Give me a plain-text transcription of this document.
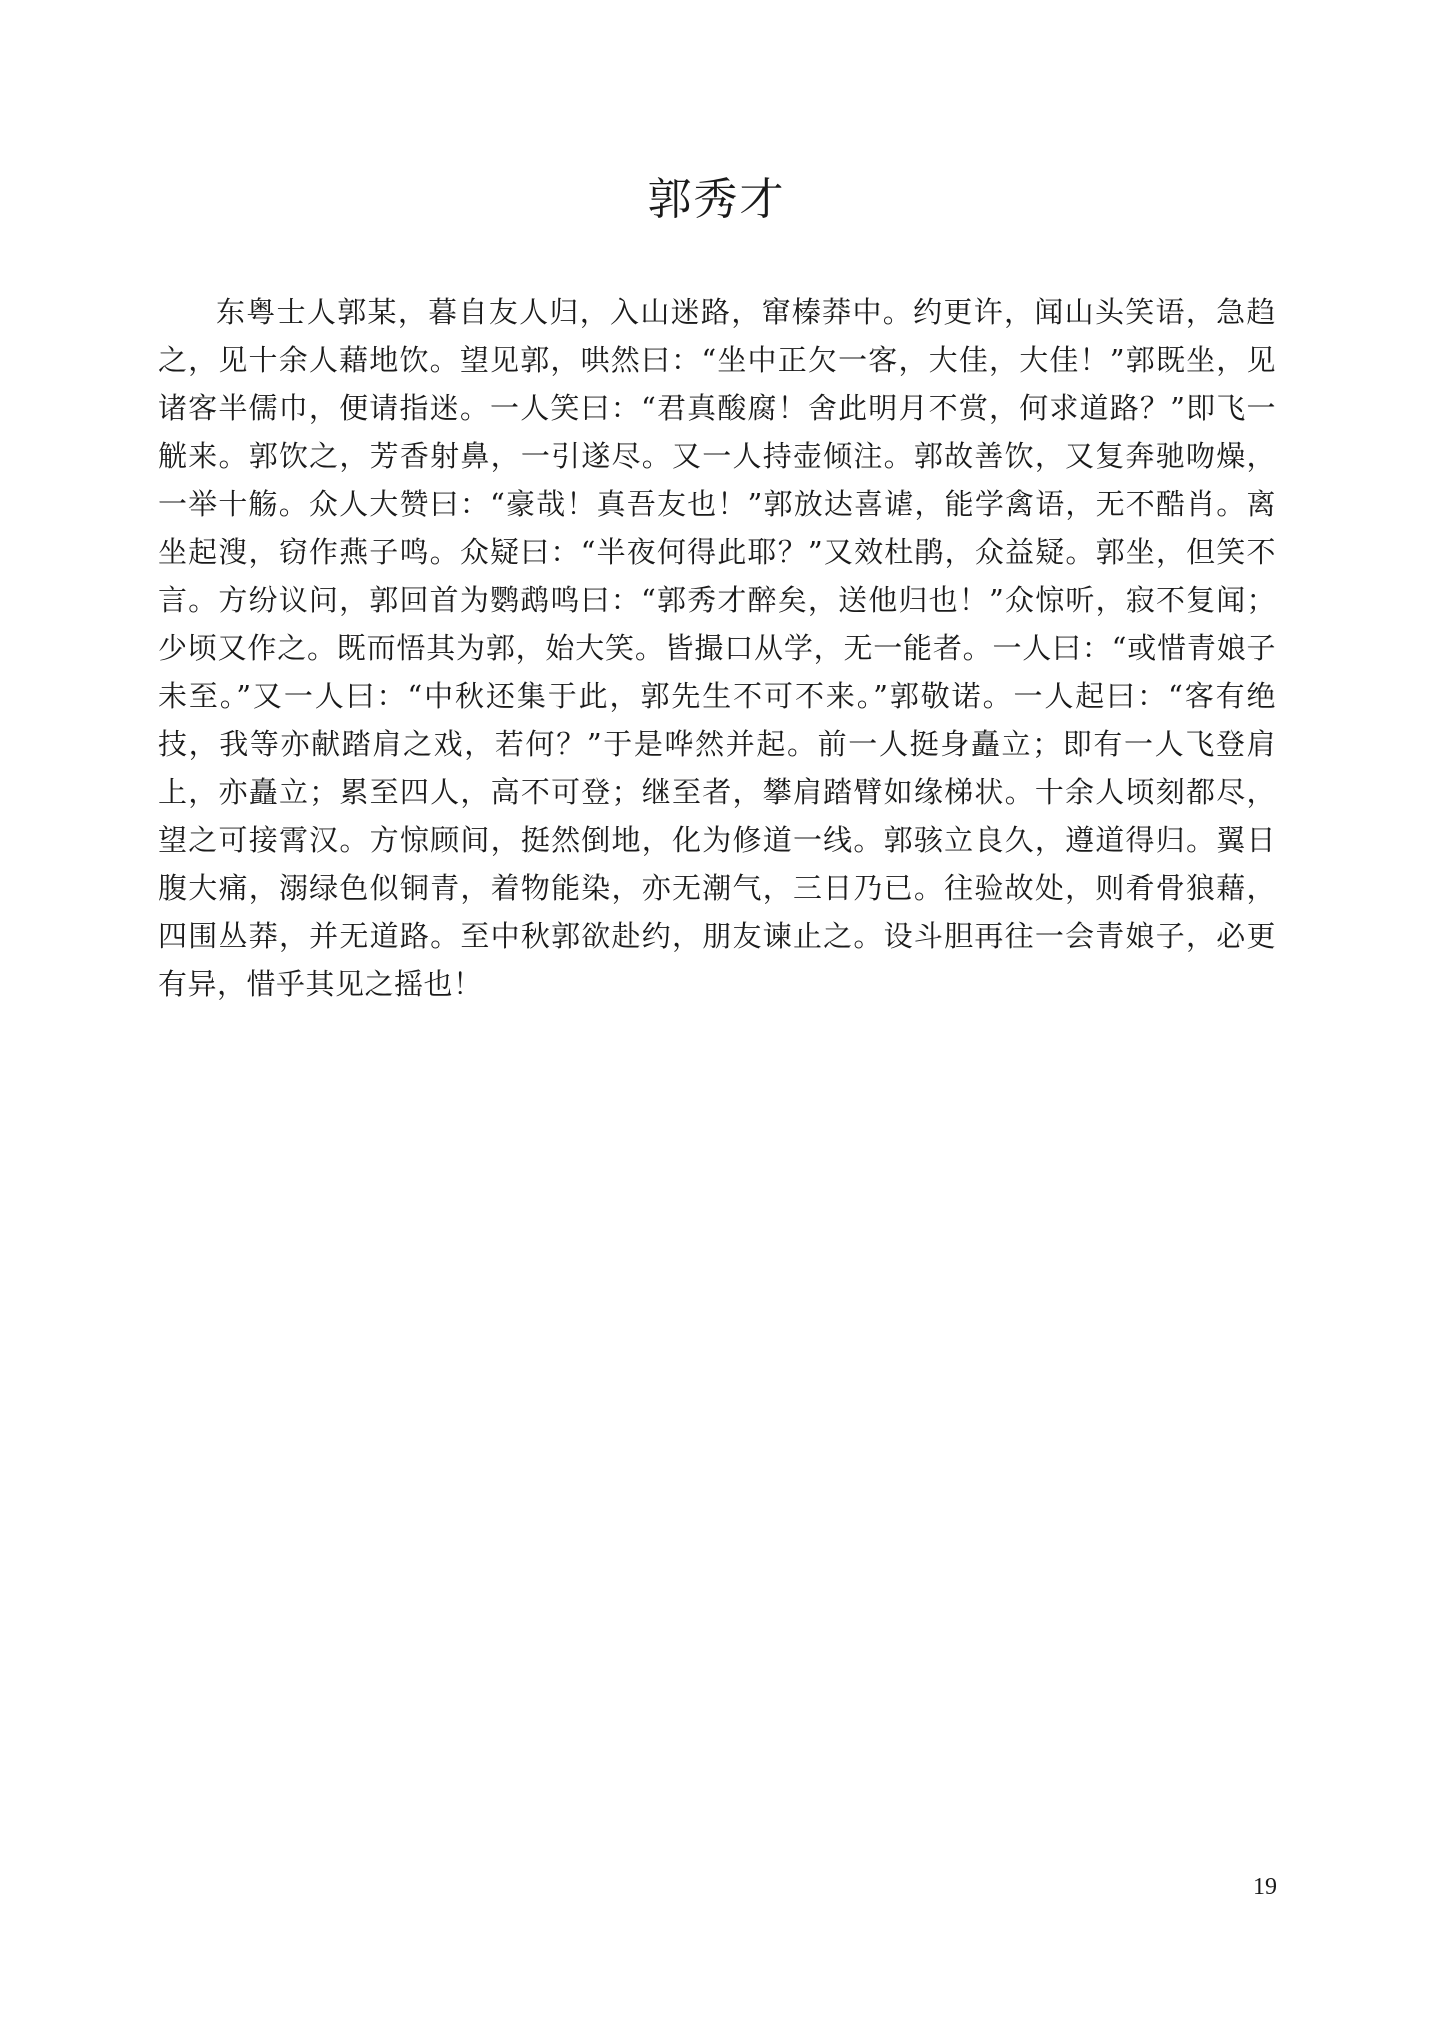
郭秀才

东粤士人郭某，暮自友人归，入山迷路，窜榛莽中。约更许，闻山头笑语，急趋之，见十余人藉地饮。望见郭，哄然曰：“坐中正欠一客，大佳，大佳！”郭既坐，见诸客半儒巾，便请指迷。一人笑曰：“君真酸腐！舍此明月不赏，何求道路？”即飞一觥来。郭饮之，芳香射鼻，一引遂尽。又一人持壶倾注。郭故善饮，又复奔驰吻燥，一举十觞。众人大赞曰：“豪哉！真吾友也！”郭放达喜谑，能学禽语，无不酷肖。离坐起溲，窃作燕子鸣。众疑曰：“半夜何得此耶？”又效杜鹃，众益疑。郭坐，但笑不言。方纷议问，郭回首为鹦鹉鸣曰：“郭秀才醉矣，送他归也！”众惊听，寂不复闻；少顷又作之。既而悟其为郭，始大笑。皆撮口从学，无一能者。一人曰：“或惜青娘子未至。”又一人曰：“中秋还集于此，郭先生不可不来。”郭敬诺。一人起曰：“客有绝技，我等亦献踏肩之戏，若何？”于是哗然并起。前一人挺身矗立；即有一人飞登肩上，亦矗立；累至四人，高不可登；继至者，攀肩踏臂如缘梯状。十余人顷刻都尽，望之可接霄汉。方惊顾间，挺然倒地，化为修道一线。郭骇立良久，遵道得归。翼日腹大痛，溺绿色似铜青，着物能染，亦无潮气，三日乃已。往验故处，则肴骨狼藉，四围丛莽，并无道路。至中秋郭欲赴约，朋友谏止之。设斗胆再往一会青娘子，必更有异，惜乎其见之摇也！

19
